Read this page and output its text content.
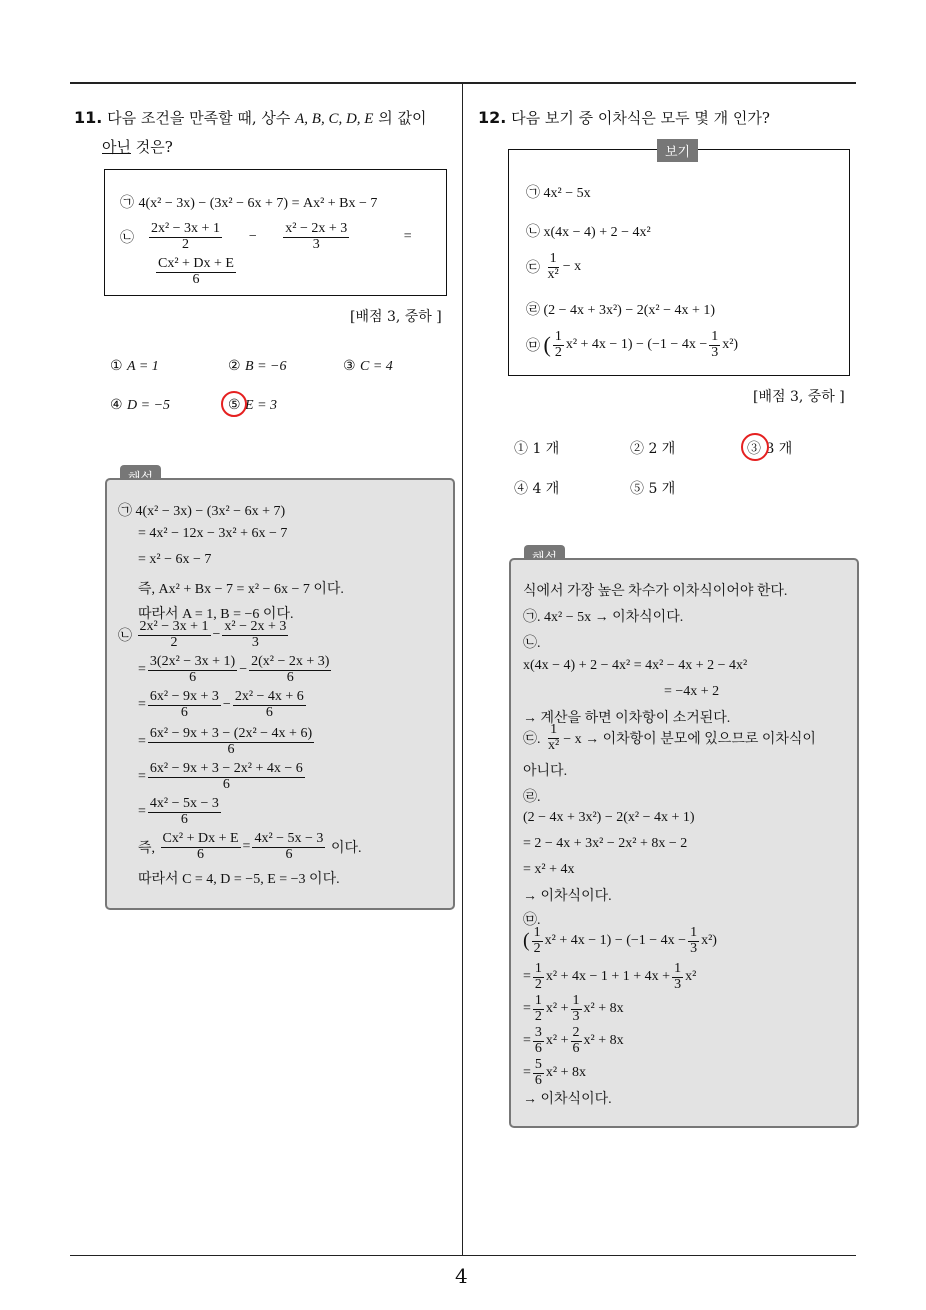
4
11. 다음 조건을 만족할 때, 상수 A, B, C, D, E 의 값이
아닌 것은?
㉠ 4(x² − 3x) − (3x² − 6x + 7) = Ax² + Bx − 7
㉡ $\frac{\text{2x² − 3x + 1}}{2} - \frac{\text{x² − 2x + 3}}{3}$	=
$\frac{\text{Cx² + Dx + E}}{6}$
[배점 3, 중하 ]
① A = 1	② B = −6	③ C = 4
④ D = −5	⑤ E = 3
㉠ 4(x² − 3x) − (3x² − 6x + 7)
= 4x² − 12x − 3x² + 6x − 7
= x² − 6x − 7
즉, Ax² + Bx − 7 = x² − 6x − 7 이다.
따라서 A = 1, B = −6 이다.
㉡ $\frac{\text{2x² − 3x + 1}}{2} - \frac{\text{x² − 2x + 3}}{3}$
= $\frac{\text{3(2x² − 3x + 1)}}{6} - \frac{\text{2(x² − 2x + 3)}}{6}$
= $\frac{\text{6x² − 9x + 3}}{6} - \frac{\text{2x² − 4x + 6}}{6}$
= $\frac{\text{6x² − 9x + 3 − (2x² − 4x + 6)}}{6}$
= $\frac{\text{6x² − 9x + 3 − 2x² + 4x − 6}}{6}$
= $\frac{\text{4x² − 5x − 3}}{6}$
즉, $\frac{\text{Cx² + Dx + E}}{6} = \frac{\text{4x² − 5x − 3}}{6}$ 이다.
따라서 C = 4, D = −5, E = −3 이다.
12. 다음 보기 중 이차식은 모두 몇 개 인가?
보기
㉠ 4x² − 5x
㉡ x(4x − 4) + 2 − 4x²
㉢ $\frac{1}{\text{x²}} - x$
㉣ (2 − 4x + 3x²) − 2(x² − 4x + 1)
㉤ ( $\frac{1}{2} x^2 + 4x - 1) - (-1 - 4x - \frac{1}{3} x^2)$
[배점 3, 중하 ]
① 1 개	② 2 개	③ 3 개
④ 4 개	⑤ 5 개
식에서 가장 높은 차수가 이차식이어야 한다.
㉠. 4x² − 5x → 이차식이다.
㉡.
x(4x − 4) + 2 − 4x² = 4x² − 4x + 2 − 4x²
= −4x + 2
→ 계산을 하면 이차항이 소거된다.
㉢. $\frac{1}{\text{x²}} - x$ → 이차항이 분모에 있으므로 이차식이
아니다.
㉣.
(2 − 4x + 3x²) − 2(x² − 4x + 1)
= 2 − 4x + 3x² − 2x² + 8x − 2
= x² + 4x
→ 이차식이다.
㉤.
( $\frac{1}{2} x^2 + 4x - 1) - (-1 - 4x - \frac{1}{3} x^2)$
= $\frac{1}{2} x^2 + 4x - 1 + 1 + 4x + \frac{1}{3} x^2$
= $\frac{1}{2} x^2 + \frac{1}{3} x^2 + 8x$
= $\frac{3}{6} x^2 + \frac{2}{6} x^2 + 8x$
= $\frac{5}{6} x^2 + 8x$
→ 이차식이다.
